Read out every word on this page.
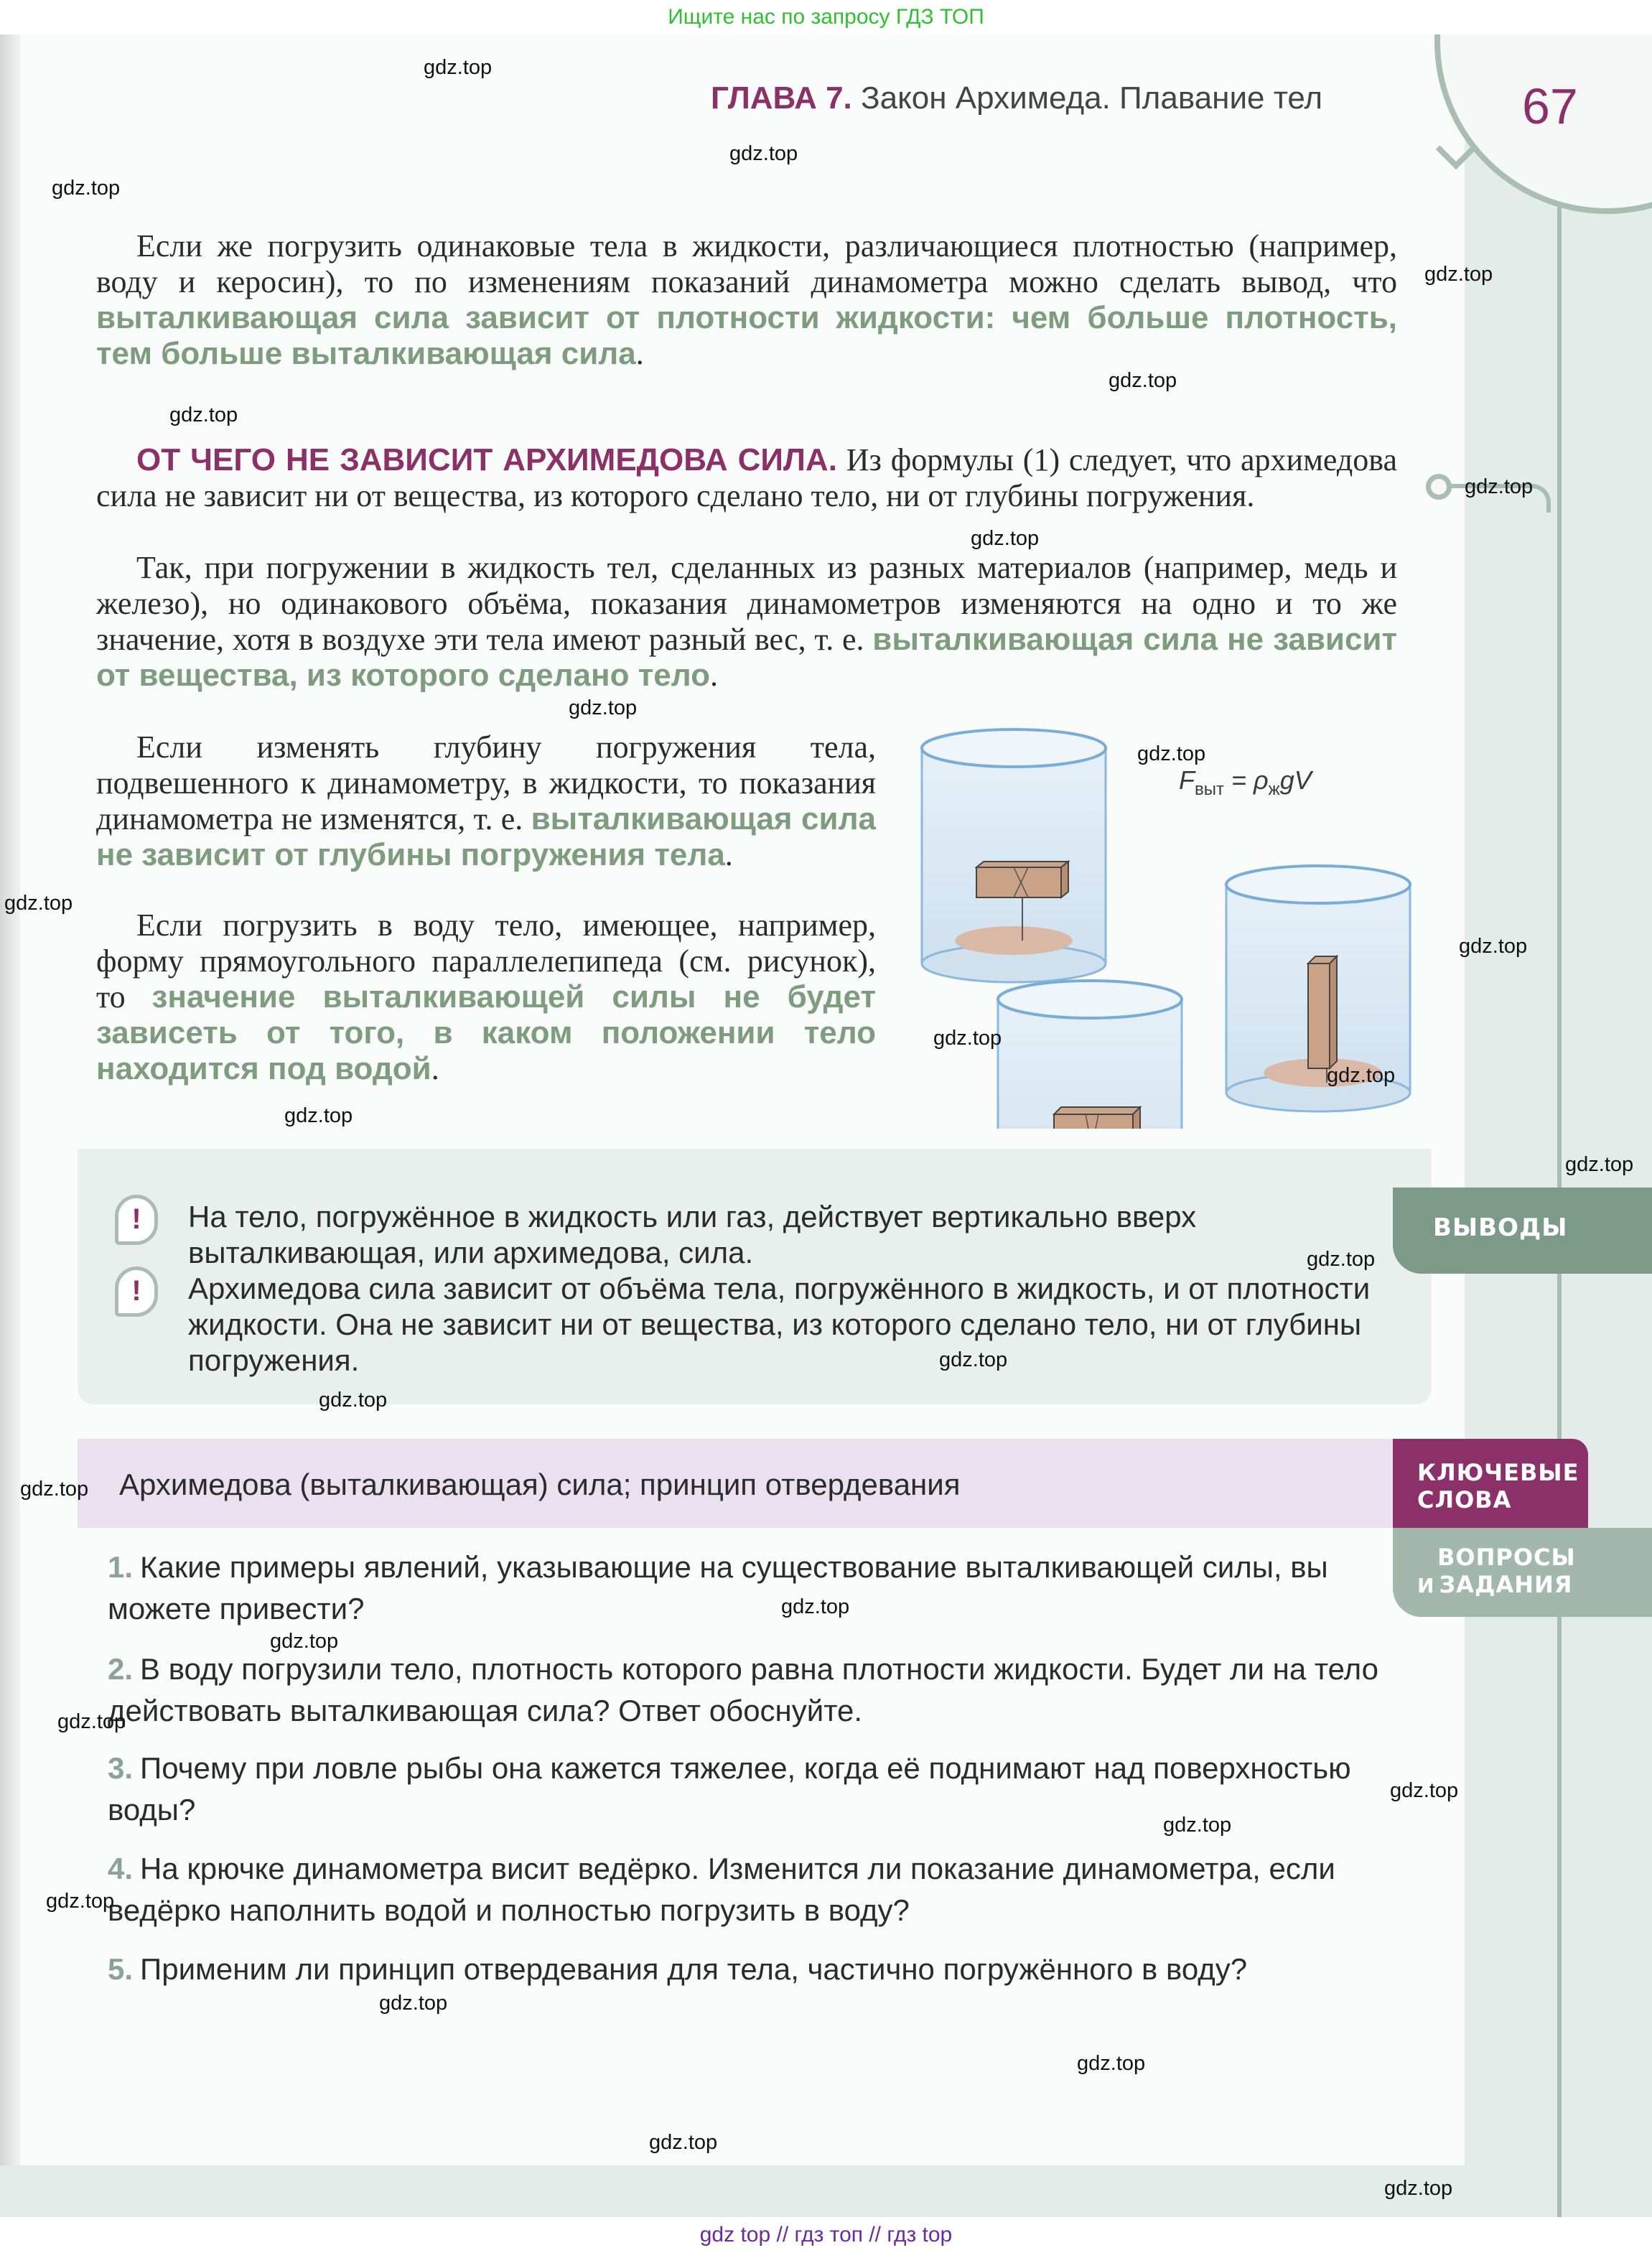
Ищите нас по запросу ГДЗ ТОП
67
ГЛАВА 7. Закон Архимеда. Плавание тел
Если же погрузить одинаковые тела в жидкости, различающиеся плотностью (например, воду и керосин), то по изменениям показаний динамометра можно сделать вывод, что выталкивающая сила зависит от плотности жидкости: чем больше плотность, тем больше выталкивающая сила.
ОТ ЧЕГО НЕ ЗАВИСИТ АРХИМЕДОВА СИЛА. Из формулы (1) следует, что архимедова сила не зависит ни от вещества, из которого сделано тело, ни от глубины погружения.
Так, при погружении в жидкость тел, сделанных из разных материалов (например, медь и железо), но одинакового объёма, показания динамометров изменяются на одно и то же значение, хотя в воздухе эти тела имеют разный вес, т. е. выталкивающая сила не зависит от вещества, из которого сделано тело.
Если изменять глубину погружения тела, подвешенного к динамометру, в жидкости, то показания динамометра не изменятся, т. е. выталкивающая сила не зависит от глубины погружения тела.
Если погрузить в воду тело, имеющее, например, форму прямоугольного параллелепипеда (см. рисунок), то значение выталкивающей силы не будет зависеть от того, в каком положении тело находится под водой.
$F_{выт} = \rho_жgV$
ВЫВОДЫ
!	На тело, погружённое в жидкость или газ, действует вертикально вверх выталкивающая, или архимедова, сила.
!	Архимедова сила зависит от объёма тела, погружённого в жидкость, и от плотности жидкости. Она не зависит ни от вещества, из которого сделано тело, ни от глубины погружения.
Архимедова (выталкивающая) сила; принцип отвердевания	КЛЮЧЕВЫЕ
СЛОВА
ВОПРОСЫ
И ЗАДАНИЯ
1. Какие примеры явлений, указывающие на существование выталкивающей силы, вы можете привести?
2. В воду погрузили тело, плотность которого равна плотности жидкости. Будет ли на тело действовать выталкивающая сила? Ответ обоснуйте.
3. Почему при ловле рыбы она кажется тяжелее, когда её поднимают над поверхностью воды?
4. На крючке динамометра висит ведёрко. Изменится ли показание динамометра, если ведёрко наполнить водой и полностью погрузить в воду?
5. Применим ли принцип отвердевания для тела, частично погружённого в воду?
gdz.top
gdz.top
gdz.top
gdz.top
gdz.top
gdz.top
gdz.top
gdz.top
gdz.top
gdz.top
gdz.top
gdz.top
gdz.top
gdz.top
gdz.top
gdz.top
gdz.top
gdz.top
gdz.top
gdz.top
gdz.top
gdz.top
gdz.top
gdz.top
gdz.top
gdz.top
gdz.top
gdz.top
gdz.top
gdz.top
gdz top // гдз топ // гдз top
